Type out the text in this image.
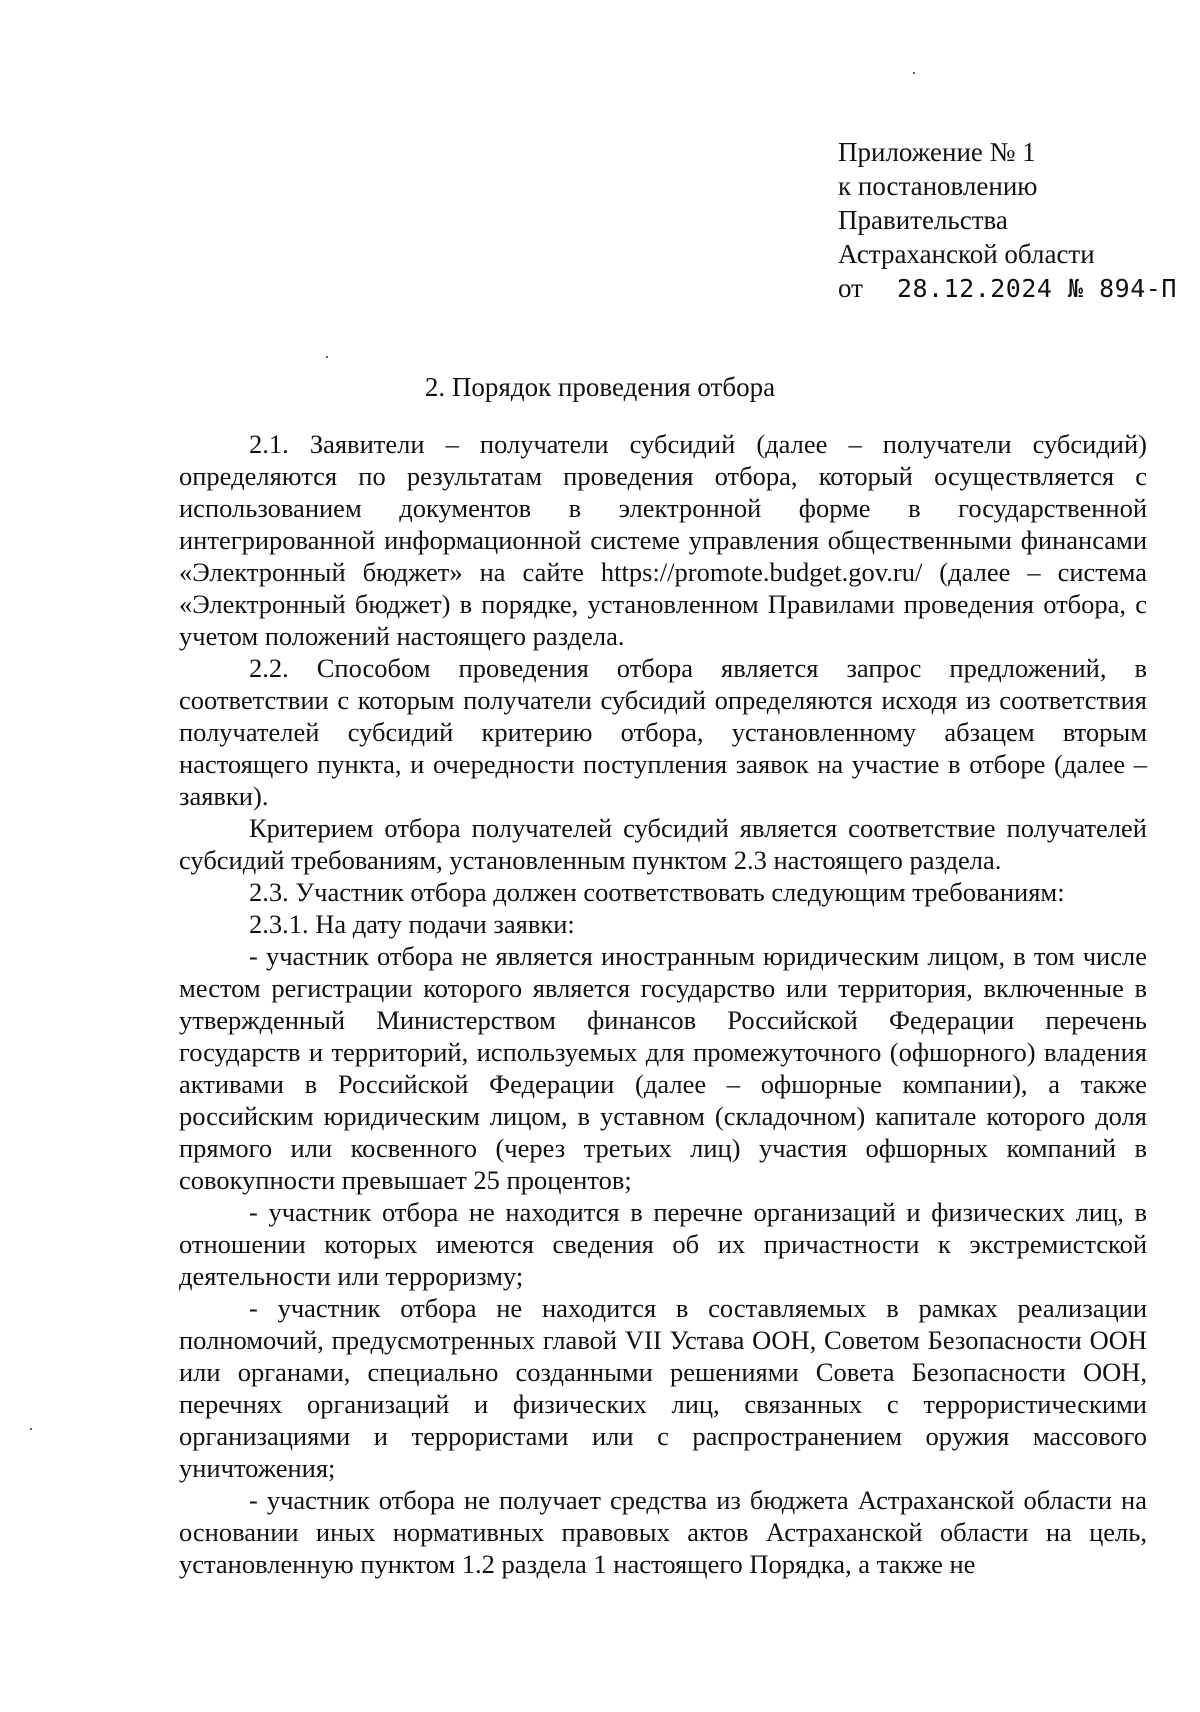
Приложение № 1
к постановлению
Правительства
Астраханской области
от 28.12.2024 № 894-П
2. Порядок проведения отбора

2.1. Заявители – получатели субсидий (далее – получатели субсидий) определяются по результатам проведения отбора, который осуществляется с использованием документов в электронной форме в государственной интегрированной информационной системе управления общественными финансами «Электронный бюджет» на сайте https://promote.budget.gov.ru/ (далее – система «Электронный бюджет) в порядке, установленном Правилами проведения отбора, с учетом положений настоящего раздела.

2.2. Способом проведения отбора является запрос предложений, в соответствии с которым получатели субсидий определяются исходя из соответствия получателей субсидий критерию отбора, установленному абзацем вторым настоящего пункта, и очередности поступления заявок на участие в отборе (далее – заявки).

Критерием отбора получателей субсидий является соответствие получателей субсидий требованиям, установленным пунктом 2.3 настоящего раздела.

2.3. Участник отбора должен соответствовать следующим требованиям:

2.3.1. На дату подачи заявки:

- участник отбора не является иностранным юридическим лицом, в том числе местом регистрации которого является государство или территория, включенные в утвержденный Министерством финансов Российской Федерации перечень государств и территорий, используемых для промежуточного (офшорного) владения активами в Российской Федерации (далее – офшорные компании), а также российским юридическим лицом, в уставном (складочном) капитале которого доля прямого или косвенного (через третьих лиц) участия офшорных компаний в совокупности превышает 25 процентов;

- участник отбора не находится в перечне организаций и физических лиц, в отношении которых имеются сведения об их причастности к экстремистской деятельности или терроризму;

- участник отбора не находится в составляемых в рамках реализации полномочий, предусмотренных главой VII Устава ООН, Советом Безопасности ООН или органами, специально созданными решениями Совета Безопасности ООН, перечнях организаций и физических лиц, связанных с террористическими организациями и террористами или с распространением оружия массового уничтожения;

- участник отбора не получает средства из бюджета Астраханской области на основании иных нормативных правовых актов Астраханской области на цель, установленную пунктом 1.2 раздела 1 настоящего Порядка, а также не
